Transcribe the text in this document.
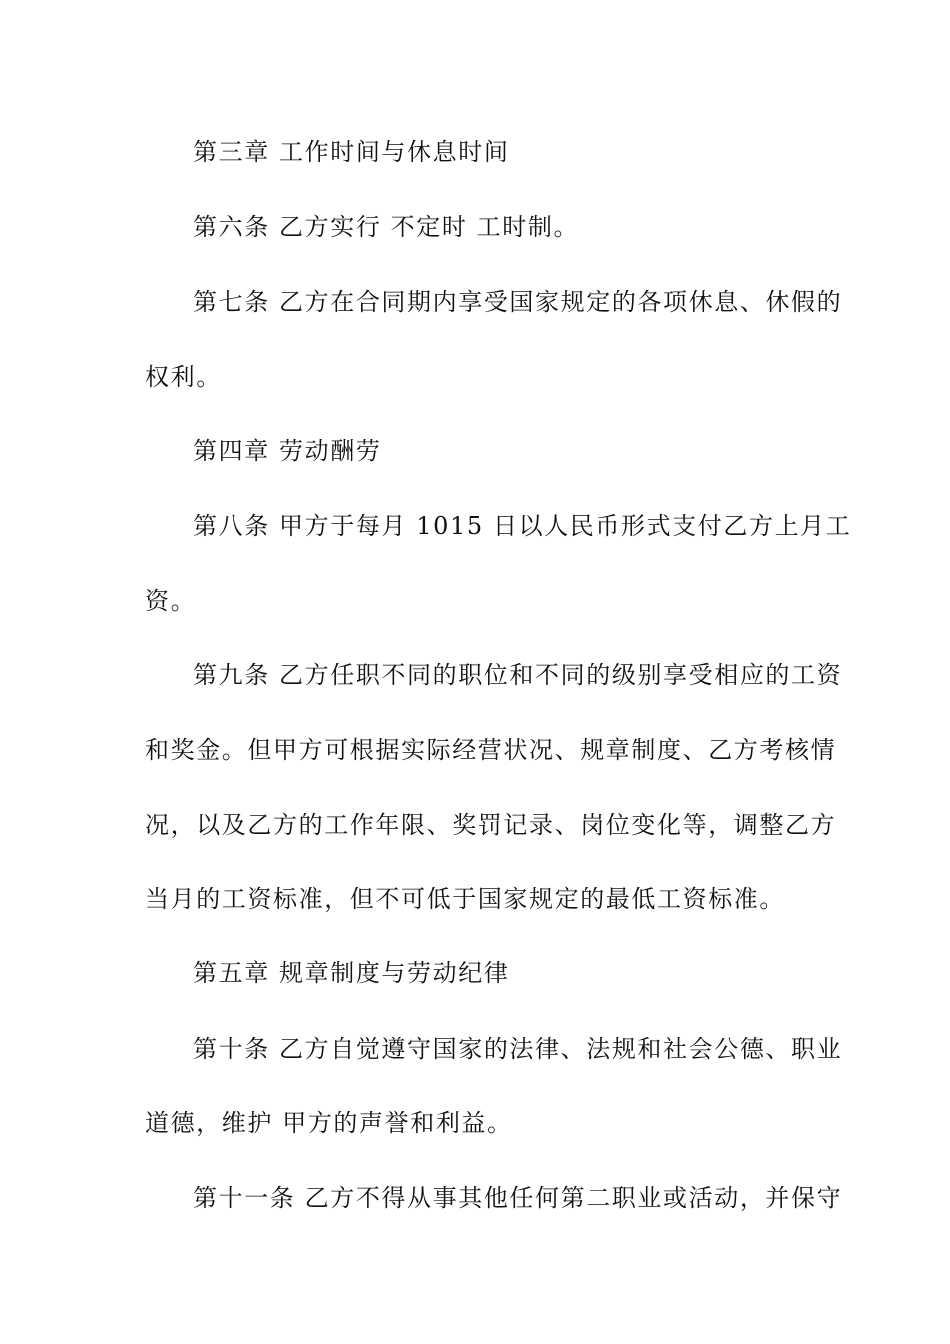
第三章 工作时间与休息时间
第六条 乙方实行 不定时 工时制。
第七条 乙方在合同期内享受国家规定的各项休息、休假的
权利。
第四章 劳动酬劳
第八条 甲方于每月 1015 日以人民币形式支付乙方上月工
资。
第九条 乙方任职不同的职位和不同的级别享受相应的工资
和奖金。但甲方可根据实际经营状况、规章制度、乙方考核情
况，以及乙方的工作年限、奖罚记录、岗位变化等，调整乙方
当月的工资标准，但不可低于国家规定的最低工资标准。
第五章 规章制度与劳动纪律
第十条 乙方自觉遵守国家的法律、法规和社会公德、职业
道德，维护 甲方的声誉和利益。
第十一条 乙方不得从事其他任何第二职业或活动，并保守
